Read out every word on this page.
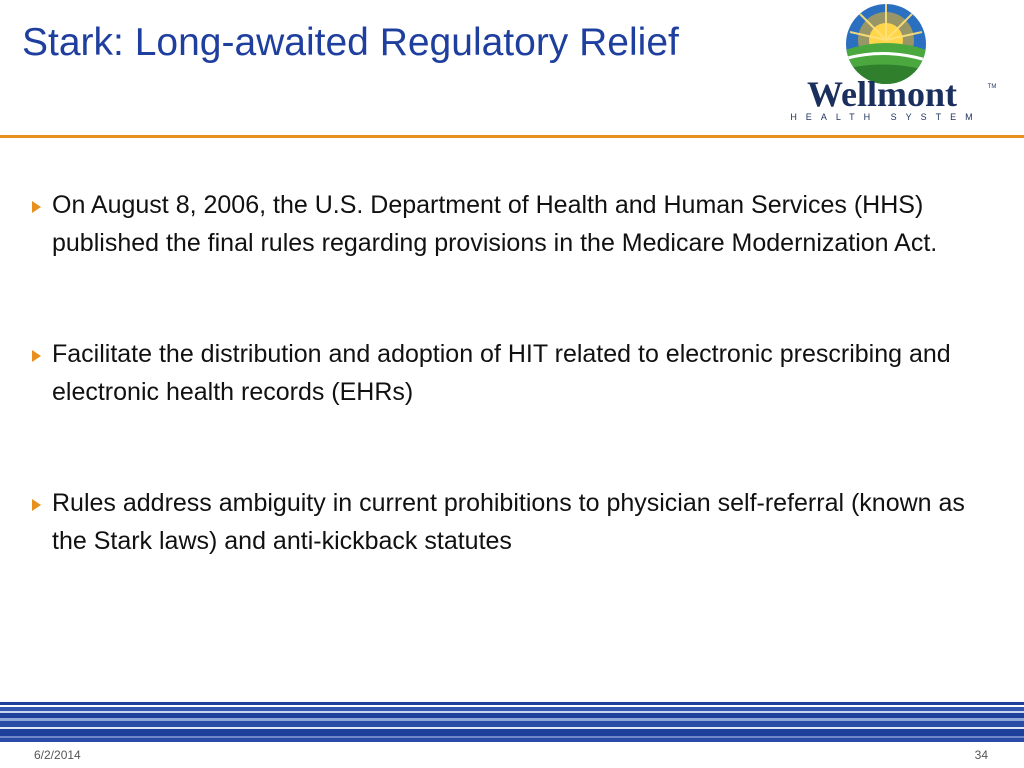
Stark: Long-awaited Regulatory Relief
Wellmont	TM
HEALTH SYSTEM
On August 8, 2006, the U.S. Department of Health and Human Services (HHS) published the final rules regarding provisions in the Medicare Modernization Act.
Facilitate the distribution and adoption of HIT related to electronic prescribing and electronic health records (EHRs)
Rules address ambiguity in current prohibitions to physician self-referral (known as the Stark laws) and anti-kickback statutes
6/2/2014	34
